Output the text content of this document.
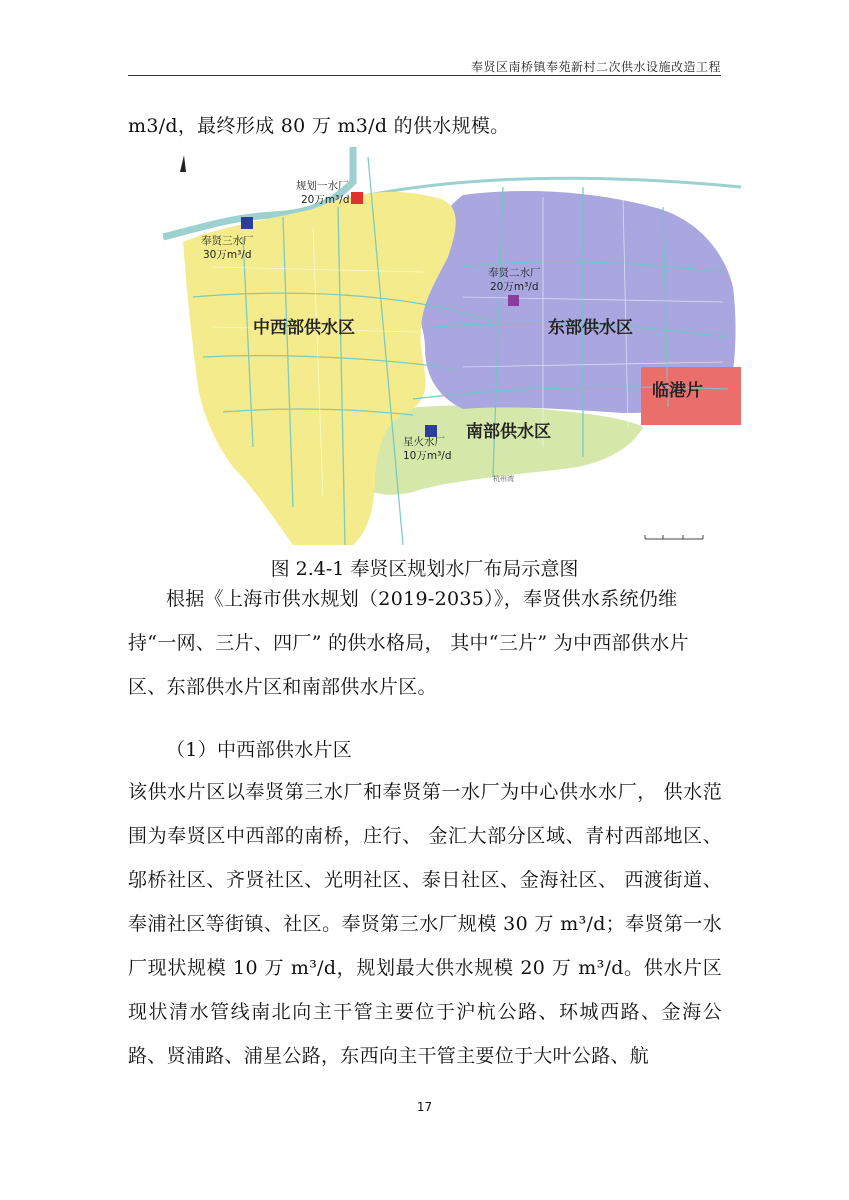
奉贤区南桥镇奉苑新村二次供水设施改造工程

m3/d，最终形成 80 万 m3/d 的供水规模。

规划一水厂
20万m³/d
奉贤三水厂
30万m³/d
奉贤二水厂
20万m³/d
星火水厂
10万m³/d
中西部供水区	东部供水区
南部供水区
临港片
杭州湾
图 2.4-1 奉贤区规划水厂布局示意图

根据《上海市供水规划（2019-2035）》，奉贤供水系统仍维持“一网、三片、四厂” 的供水格局， 其中“三片” 为中西部供水片区、东部供水片区和南部供水片区。

（1）中西部供水片区

该供水片区以奉贤第三水厂和奉贤第一水厂为中心供水水厂， 供水范围为奉贤区中西部的南桥，庄行、 金汇大部分区域、青村西部地区、 邬桥社区、齐贤社区、光明社区、泰日社区、金海社区、 西渡街道、 奉浦社区等街镇、社区。奉贤第三水厂规模 30 万 m³/d；奉贤第一水厂现状规模 10 万 m³/d，规划最大供水规模 20 万 m³/d。供水片区现状清水管线南北向主干管主要位于沪杭公路、环城西路、金海公路、贤浦路、浦星公路，东西向主干管主要位于大叶公路、航

17
